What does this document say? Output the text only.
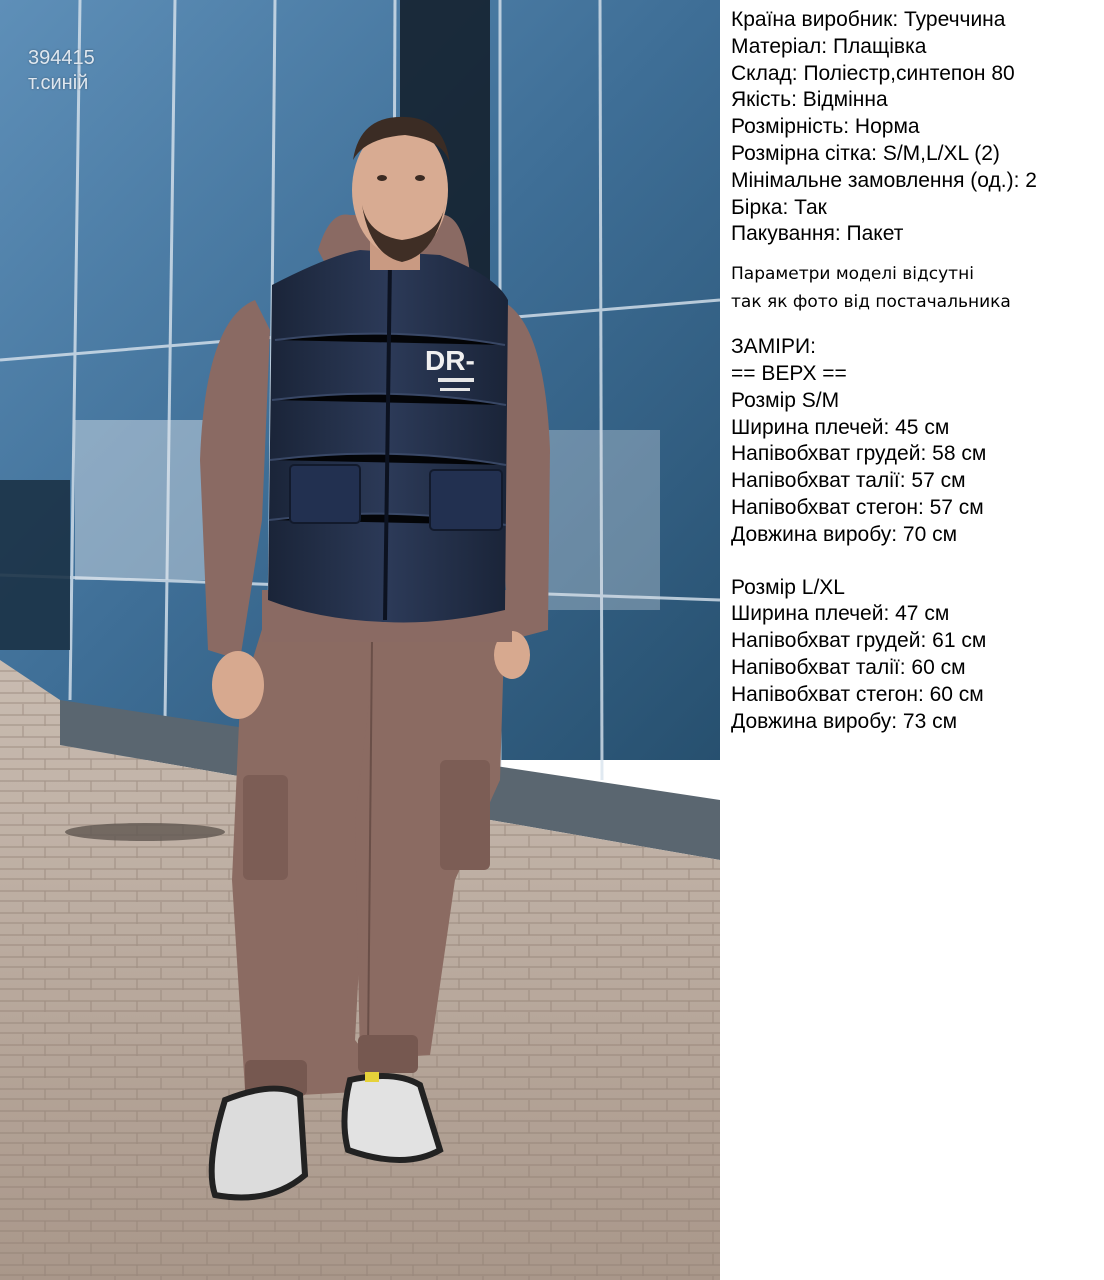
DR-
394415
т.синій

Країна виробник: Туреччина

Матеріал: Плащівка

Склад: Поліестр,синтепон 80

Якість: Відмінна

Розмірність: Норма

Розмірна сітка: S/M,L/XL (2)

Мінімальне замовлення (од.): 2

Бірка: Так

Пакування: Пакет

Параметри моделі відсутні
так як фото від постачальника

ЗАМІРИ:

== ВЕРХ ==

Розмір S/M

Ширина плечей: 45 см

Напівобхват грудей: 58 см

Напівобхват талії: 57 см

Напівобхват стегон: 57 см

Довжина виробу: 70 см

Розмір L/XL

Ширина плечей: 47 см

Напівобхват грудей: 61 см

Напівобхват талії: 60 см

Напівобхват стегон: 60 см

Довжина виробу: 73 см
